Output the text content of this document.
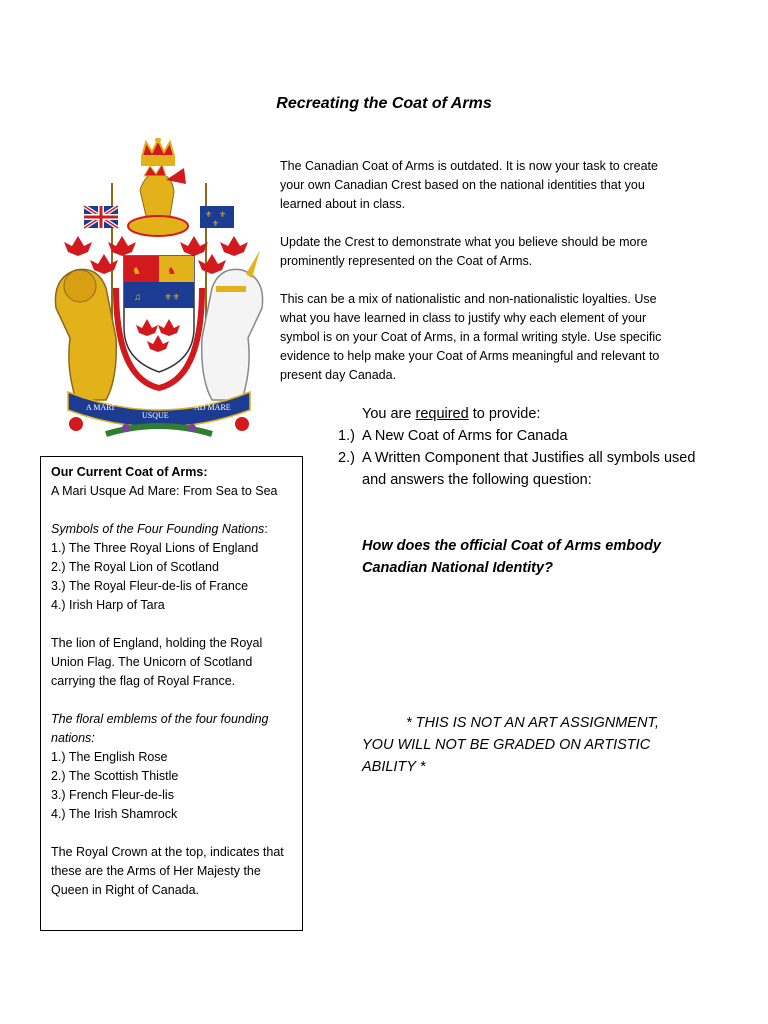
Recreating the Coat of Arms
⚜ ⚜
⚜
♞	♞
♫	⚜⚜
A MARI
USQUE
AD MARE

The Canadian Coat of Arms is outdated. It is now your task to create your own Canadian Crest based on the national identities that you learned about in class.

Update the Crest to demonstrate what you believe should be more prominently represented on the Coat of Arms.

This can be a mix of nationalistic and non-nationalistic loyalties. Use what you have learned in class to justify why each element of your symbol is on your Coat of Arms, in a formal writing style. Use specific evidence to help make your Coat of Arms meaningful and relevant to present day Canada.

You are required to provide:
1.) A New Coat of Arms for Canada
2.) A Written Component that Justifies all symbols used and answers the following question:
How does the official Coat of Arms embody Canadian National Identity?
* THIS IS NOT AN ART ASSIGNMENT, YOU WILL NOT BE GRADED ON ARTISTIC ABILITY *
Our Current Coat of Arms:
A Mari Usque Ad Mare: From Sea to Sea
Symbols of the Four Founding Nations:
1.) The Three Royal Lions of England
2.) The Royal Lion of Scotland
3.) The Royal Fleur-de-lis of France
4.) Irish Harp of Tara
The lion of England, holding the Royal Union Flag. The Unicorn of Scotland carrying the flag of Royal France.
The floral emblems of the four founding nations:
1.) The English Rose
2.) The Scottish Thistle
3.) French Fleur-de-lis
4.) The Irish Shamrock
The Royal Crown at the top, indicates that these are the Arms of Her Majesty the Queen in Right of Canada.
